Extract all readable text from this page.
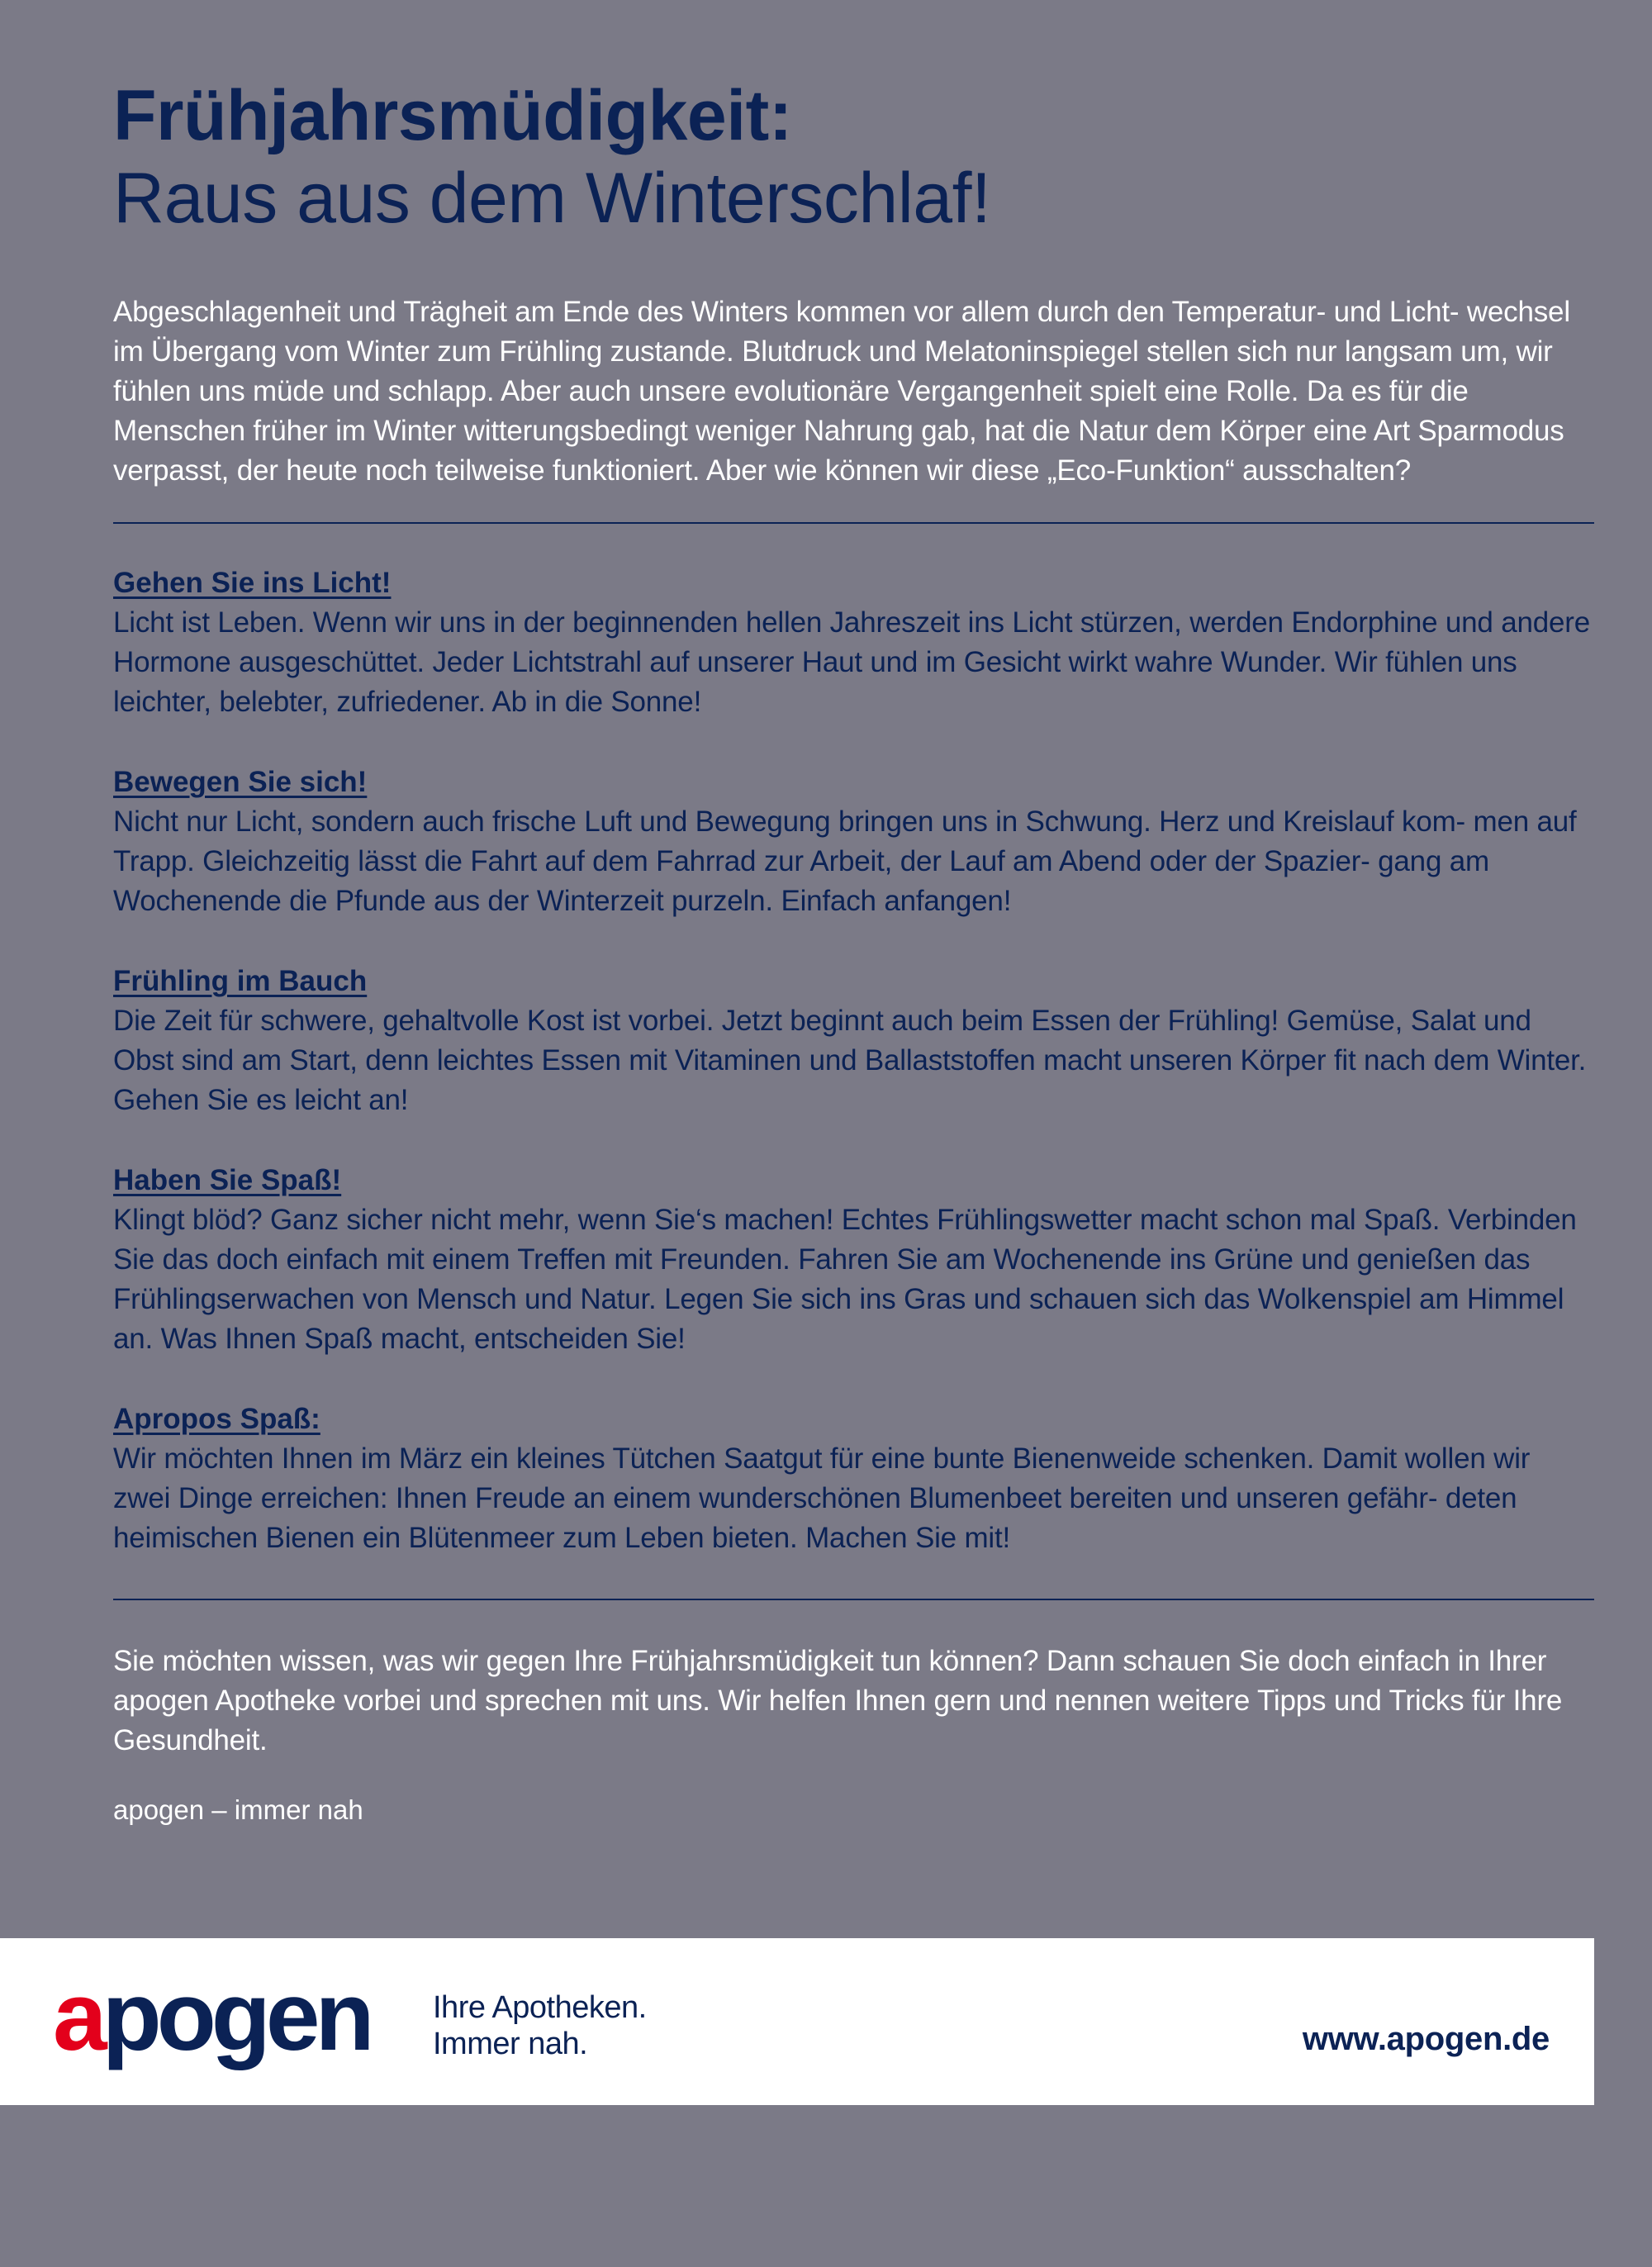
Frühjahrsmüdigkeit:
Raus aus dem Winterschlaf!

Abgeschlagenheit und Trägheit am Ende des Winters kommen vor allem durch den Temperatur- und Licht- wechsel im Übergang vom Winter zum Frühling zustande. Blutdruck und Melatoninspiegel stellen sich nur langsam um, wir fühlen uns müde und schlapp. Aber auch unsere evolutionäre Vergangenheit spielt eine Rolle. Da es für die Menschen früher im Winter witterungsbedingt weniger Nahrung gab, hat die Natur dem Körper eine Art Sparmodus verpasst, der heute noch teilweise funktioniert. Aber wie können wir diese „Eco-Funktion“ ausschalten?

Gehen Sie ins Licht!

Licht ist Leben. Wenn wir uns in der beginnenden hellen Jahreszeit ins Licht stürzen, werden Endorphine und andere Hormone ausgeschüttet. Jeder Lichtstrahl auf unserer Haut und im Gesicht wirkt wahre Wunder. Wir fühlen uns leichter, belebter, zufriedener. Ab in die Sonne!

Bewegen Sie sich!

Nicht nur Licht, sondern auch frische Luft und Bewegung bringen uns in Schwung. Herz und Kreislauf kom- men auf Trapp. Gleichzeitig lässt die Fahrt auf dem Fahrrad zur Arbeit, der Lauf am Abend oder der Spazier- gang am Wochenende die Pfunde aus der Winterzeit purzeln. Einfach anfangen!

Frühling im Bauch

Die Zeit für schwere, gehaltvolle Kost ist vorbei. Jetzt beginnt auch beim Essen der Frühling! Gemüse, Salat und Obst sind am Start, denn leichtes Essen mit Vitaminen und Ballaststoffen macht unseren Körper fit nach dem Winter. Gehen Sie es leicht an!

Haben Sie Spaß!

Klingt blöd? Ganz sicher nicht mehr, wenn Sie‘s machen! Echtes Frühlingswetter macht schon mal Spaß. Verbinden Sie das doch einfach mit einem Treffen mit Freunden. Fahren Sie am Wochenende ins Grüne und genießen das Frühlingserwachen von Mensch und Natur. Legen Sie sich ins Gras und schauen sich das Wolkenspiel am Himmel an. Was Ihnen Spaß macht, entscheiden Sie!

Apropos Spaß:

Wir möchten Ihnen im März ein kleines Tütchen Saatgut für eine bunte Bienenweide schenken. Damit wollen wir zwei Dinge erreichen: Ihnen Freude an einem wunderschönen Blumenbeet bereiten und unseren gefähr- deten heimischen Bienen ein Blütenmeer zum Leben bieten. Machen Sie mit!

Sie möchten wissen, was wir gegen Ihre Frühjahrsmüdigkeit tun können? Dann schauen Sie doch einfach in Ihrer apogen Apotheke vorbei und sprechen mit uns. Wir helfen Ihnen gern und nennen weitere Tipps und Tricks für Ihre Gesundheit.

apogen – immer nah

apogen Ihre Apotheken.
Immer nah.	www.apogen.de
